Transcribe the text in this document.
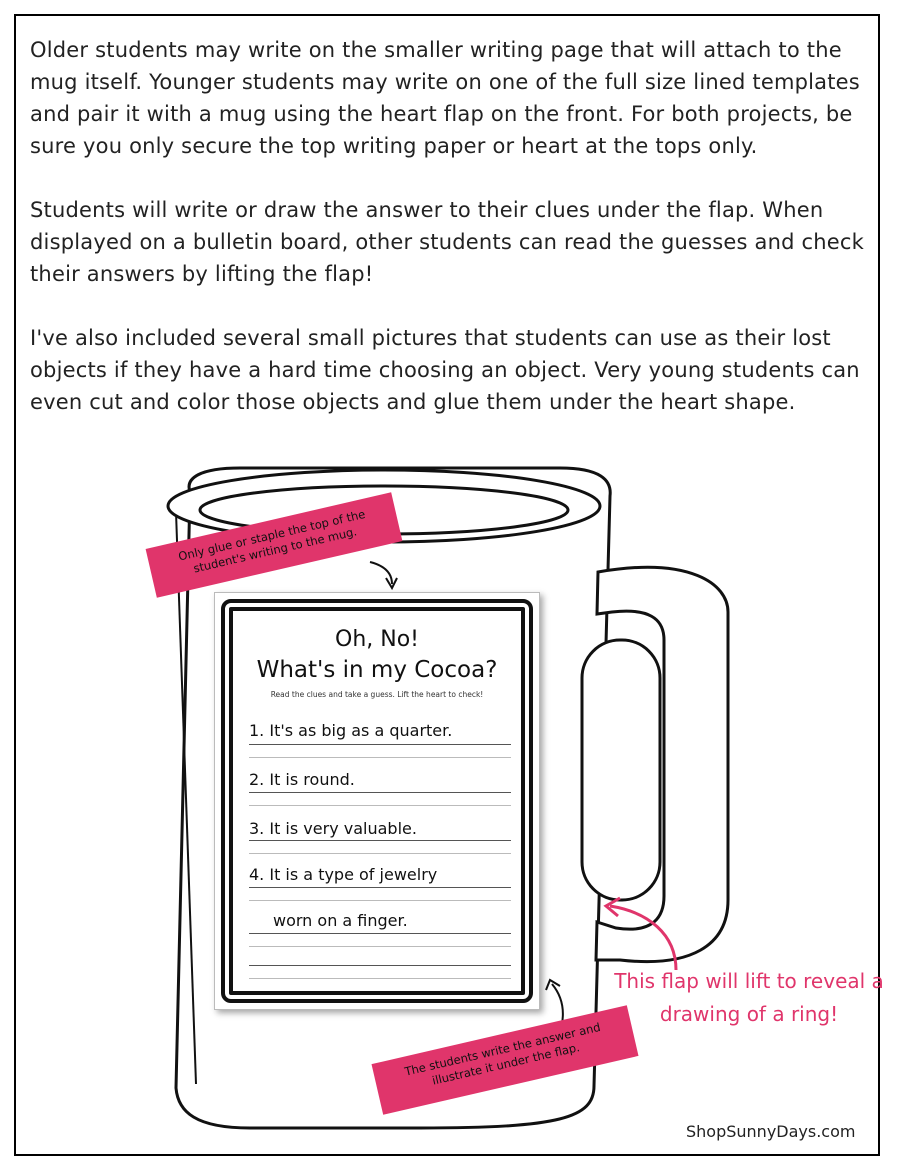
Older students may write on the smaller writing page that will attach to the mug itself. Younger students may write on one of the full size lined templates and pair it with a mug using the heart flap on the front. For both projects, be sure you only secure the top writing paper or heart at the tops only.

Students will write or draw the answer to their clues under the flap. When displayed on a bulletin board, other students can read the guesses and check their answers by lifting the flap!

I've also included several small pictures that students can use as their lost objects if they have a hard time choosing an object. Very young students can even cut and color those objects and glue them under the heart shape.

Oh, No!
What's in my Cocoa?
Read the clues and take a guess. Lift the heart to check!
1. It's as big as a quarter.
2. It is round.
3. It is very valuable.
4. It is a type of jewelry
worn on a finger.
Only glue or staple the top of the student's writing to the mug.
The students write the answer and illustrate it under the flap.
This flap will lift to reveal a drawing of a ring!
ShopSunnyDays.com
